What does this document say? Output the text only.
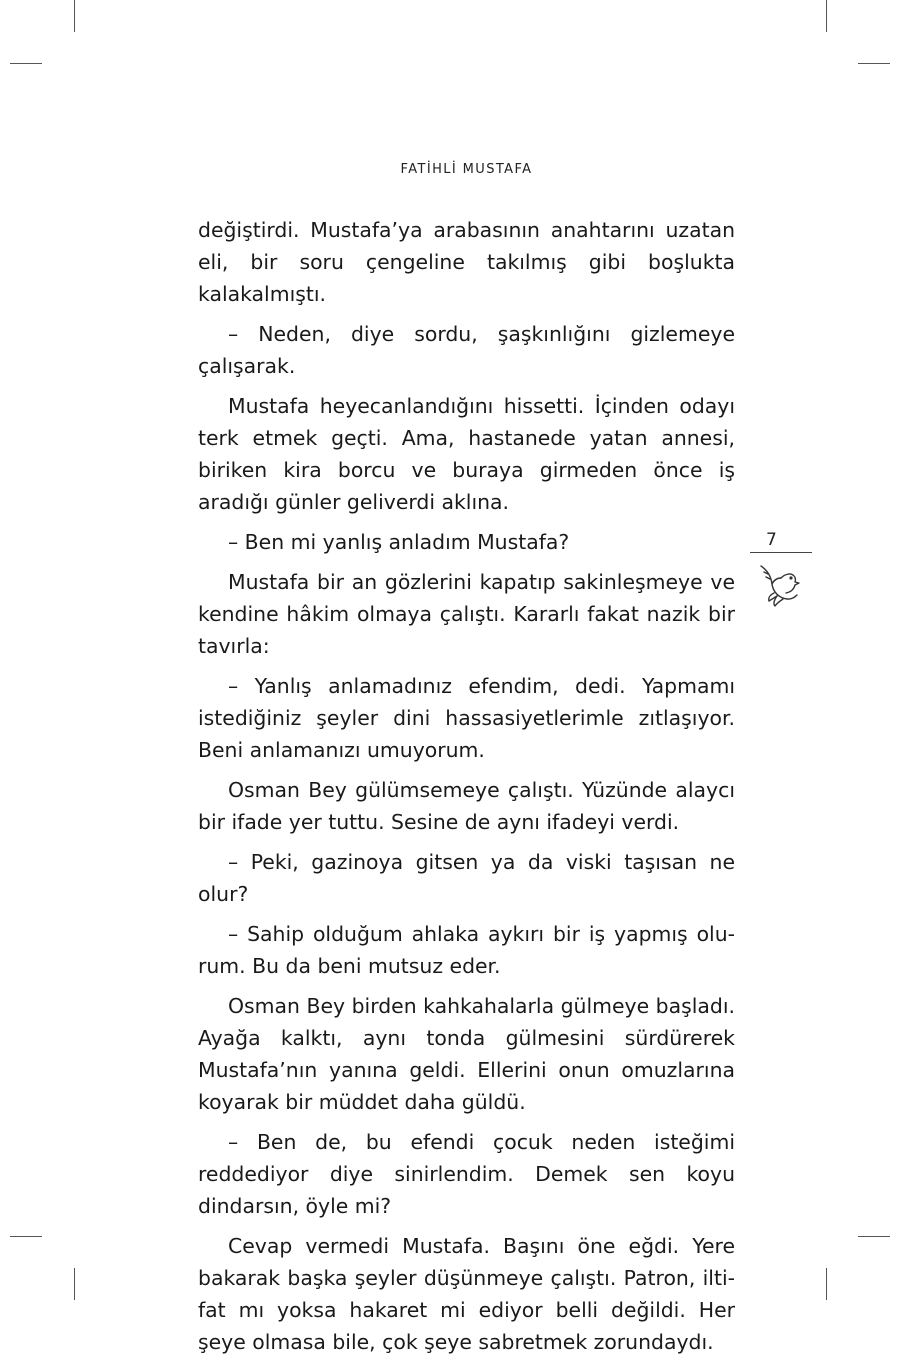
FATİHLİ MUSTAFA

değiştirdi. Mustafa’ya arabasının anahtarını uzatan eli, bir soru çengeline takılmış gibi boşlukta kalakalmıştı.

– Neden, diye sordu, şaşkınlığını gizlemeye çalışarak.

Mustafa heyecanlandığını hissetti. İçinden odayı terk etmek geçti. Ama, hastanede yatan annesi, biriken kira borcu ve buraya girmeden önce iş aradığı günler geliverdi aklına.

– Ben mi yanlış anladım Mustafa?

Mustafa bir an gözlerini kapatıp sakinleşmeye ve kendine hâkim olmaya çalıştı. Kararlı fakat nazik bir tavırla:

– Yanlış anlamadınız efendim, dedi. Yapmamı istediğiniz şeyler dini hassasiyetlerimle zıtlaşıyor. Beni anlamanızı umuyorum.

Osman Bey gülümsemeye çalıştı. Yüzünde alaycı bir ifade yer tuttu. Sesine de aynı ifadeyi verdi.

– Peki, gazinoya gitsen ya da viski taşısan ne olur?

– Sahip olduğum ahlaka aykırı bir iş yapmış olurum. Bu da beni mutsuz eder.

Osman Bey birden kahkahalarla gülmeye başladı. Ayağa kalktı, aynı tonda gülmesini sürdürerek Mustafa’nın yanına geldi. Ellerini onun omuzlarına koyarak bir müddet daha güldü.

– Ben de, bu efendi çocuk neden isteğimi reddediyor diye sinirlendim. Demek sen koyu dindarsın, öyle mi?

Cevap vermedi Mustafa. Başını öne eğdi. Yere bakarak başka şeyler düşünmeye çalıştı. Patron, iltifat mı yoksa hakaret mi ediyor belli değildi. Her şeye olmasa bile, çok şeye sabretmek zorundaydı.

7
